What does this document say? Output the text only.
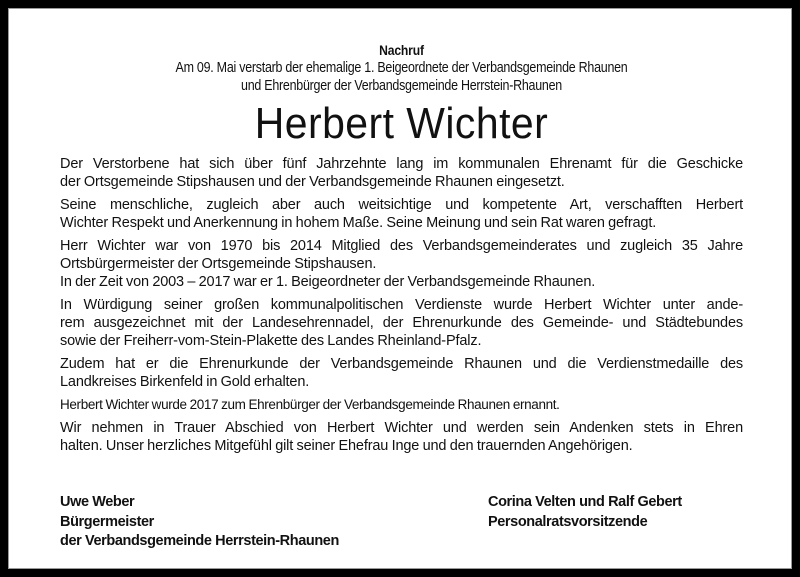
Nachruf
Am 09. Mai verstarb der ehemalige 1. Beigeordnete der Verbandsgemeinde Rhaunen
und Ehrenbürger der Verbandsgemeinde Herrstein-Rhaunen
Herbert Wichter

Der Verstorbene hat sich über fünf Jahrzehnte lang im kommunalen Ehrenamt für die Geschicke
der Ortsgemeinde Stipshausen und der Verbandsgemeinde Rhaunen eingesetzt.

Seine menschliche, zugleich aber auch weitsichtige und kompetente Art, verschafften Herbert
Wichter Respekt und Anerkennung in hohem Maße. Seine Meinung und sein Rat waren gefragt.

Herr Wichter war von 1970 bis 2014 Mitglied des Verbandsgemeinderates und zugleich 35 Jahre
Ortsbürgermeister der Ortsgemeinde Stipshausen.
In der Zeit von 2003 – 2017 war er 1. Beigeordneter der Verbandsgemeinde Rhaunen.

In Würdigung seiner großen kommunalpolitischen Verdienste wurde Herbert Wichter unter ande-
rem ausgezeichnet mit der Landesehrennadel, der Ehrenurkunde des Gemeinde- und Städtebundes
sowie der Freiherr-vom-Stein-Plakette des Landes Rheinland-Pfalz.

Zudem hat er die Ehrenurkunde der Verbandsgemeinde Rhaunen und die Verdienstmedaille des
Landkreises Birkenfeld in Gold erhalten.

Herbert Wichter wurde 2017 zum Ehrenbürger der Verbandsgemeinde Rhaunen ernannt.

Wir nehmen in Trauer Abschied von Herbert Wichter und werden sein Andenken stets in Ehren
halten. Unser herzliches Mitgefühl gilt seiner Ehefrau Inge und den trauernden Angehörigen.

Uwe Weber
Bürgermeister
der Verbandsgemeinde Herrstein-Rhaunen
Corina Velten und Ralf Gebert
Personalratsvorsitzende
